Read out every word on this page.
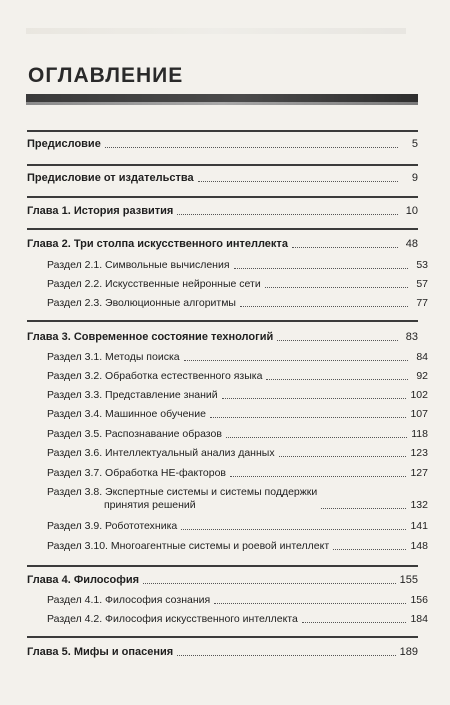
ОГЛАВЛЕНИЕ
Предисловие	5
Предисловие от издательства	9
Глава 1. История развития	10
Глава 2. Три столпа искусственного интеллекта	48
Раздел 2.1. Символьные вычисления	53
Раздел 2.2. Искусственные нейронные сети	57
Раздел 2.3. Эволюционные алгоритмы	77
Глава 3. Современное состояние технологий	83
Раздел 3.1. Методы поиска	84
Раздел 3.2. Обработка естественного языка	92
Раздел 3.3. Представление знаний	102
Раздел 3.4. Машинное обучение	107
Раздел 3.5. Распознавание образов	118
Раздел 3.6. Интеллектуальный анализ данных	123
Раздел 3.7. Обработка НЕ-факторов	127
Раздел 3.8. Экспертные системы и системы поддержки
принятия решений	132
Раздел 3.9. Робототехника	141
Раздел 3.10. Многоагентные системы и роевой интеллект	148
Глава 4. Философия	155
Раздел 4.1. Философия сознания	156
Раздел 4.2. Философия искусственного интеллекта	184
Глава 5. Мифы и опасения	189
